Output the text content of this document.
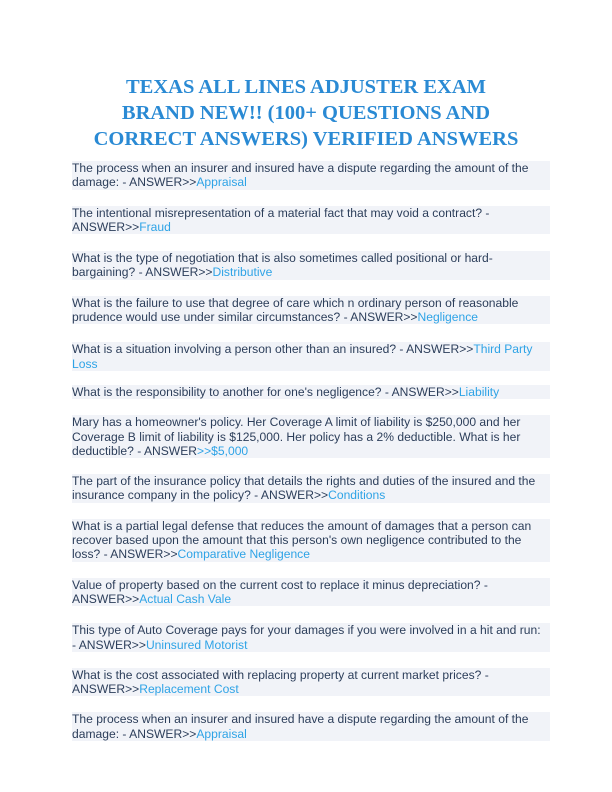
TEXAS ALL LINES ADJUSTER EXAM
BRAND NEW!! (100+ QUESTIONS AND
CORRECT ANSWERS) VERIFIED ANSWERS
The process when an insurer and insured have a dispute regarding the amount of the
damage: - ANSWER>>Appraisal
The intentional misrepresentation of a material fact that may void a contract? -
ANSWER>>Fraud
What is the type of negotiation that is also sometimes called positional or hard-
bargaining? - ANSWER>>Distributive
What is the failure to use that degree of care which n ordinary person of reasonable
prudence would use under similar circumstances? - ANSWER>>Negligence
What is a situation involving a person other than an insured? - ANSWER>>Third Party
Loss
What is the responsibility to another for one's negligence? - ANSWER>>Liability
Mary has a homeowner's policy. Her Coverage A limit of liability is $250,000 and her
Coverage B limit of liability is $125,000. Her policy has a 2% deductible. What is her
deductible? - ANSWER>>$5,000
The part of the insurance policy that details the rights and duties of the insured and the
insurance company in the policy? - ANSWER>>Conditions
What is a partial legal defense that reduces the amount of damages that a person can
recover based upon the amount that this person's own negligence contributed to the
loss? - ANSWER>>Comparative Negligence
Value of property based on the current cost to replace it minus depreciation? -
ANSWER>>Actual Cash Vale
This type of Auto Coverage pays for your damages if you were involved in a hit and run:
- ANSWER>>Uninsured Motorist
What is the cost associated with replacing property at current market prices? -
ANSWER>>Replacement Cost
The process when an insurer and insured have a dispute regarding the amount of the
damage: - ANSWER>>Appraisal
